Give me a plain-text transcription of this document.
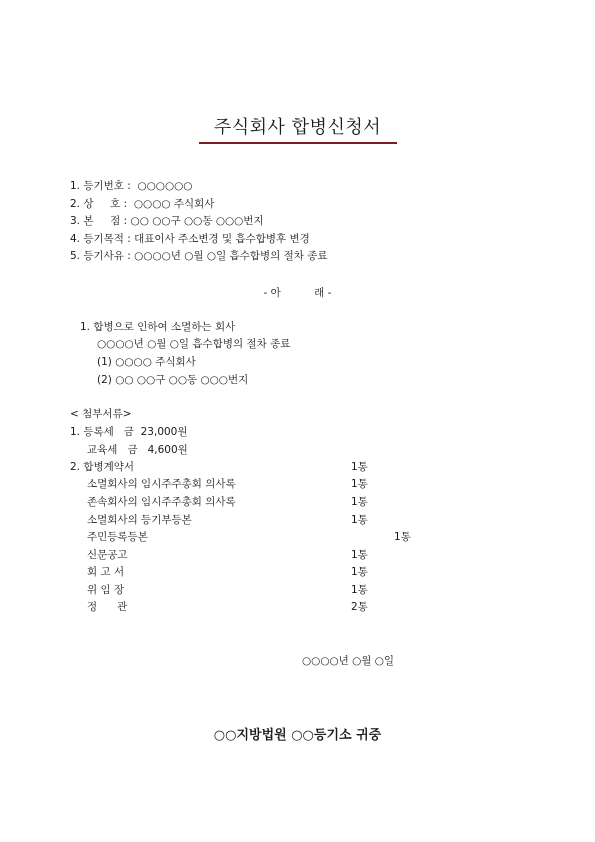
주식회사 합병신청서
1. 등기번호 :  ○○○○○○
2. 상     호 :  ○○○○ 주식회사
3. 본     점 : ○○ ○○구 ○○동 ○○○번지
4. 등기목적 : 대표이사 주소변경 및 흡수합병후 변경
5. 등기사유 : ○○○○년 ○월 ○일 흡수합병의 절차 종료
- 아          래 -
1. 합병으로 인하여 소멸하는 회사
○○○○년 ○월 ○일 흡수합병의 절차 종료
(1) ○○○○ 주식회사
(2) ○○ ○○구 ○○동 ○○○번지
< 첨부서류>
1. 등록세   금  23,000원
교육세   금   4,600원
2. 합병계약서	1통
소멸회사의 임시주주총회 의사록	1통
존속회사의 임시주주총회 의사록	1통
소멸회사의 등기부등본	1통
주민등록등본	1통
신문공고	1통
회 고 서	1통
위 임 장	1통
정      관	2통
○○○○년 ○월 ○일
○○지방법원 ○○등기소 귀중
